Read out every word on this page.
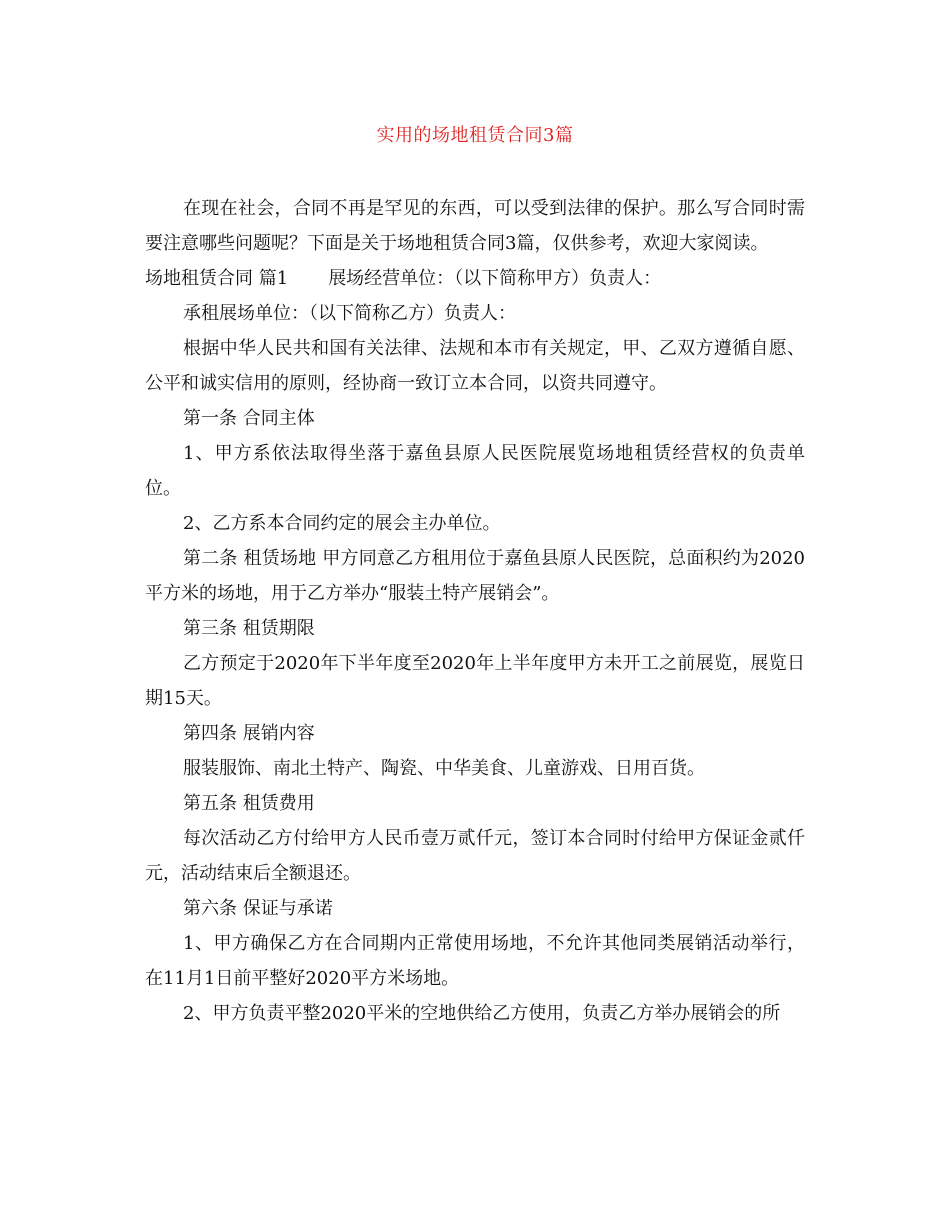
实用的场地租赁合同3篇

在现在社会，合同不再是罕见的东西，可以受到法律的保护。那么写合同时需要注意哪些问题呢？下面是关于场地租赁合同3篇，仅供参考，欢迎大家阅读。

场地租赁合同 篇1 展场经营单位：（以下简称甲方）负责人：

承租展场单位：（以下简称乙方）负责人：

根据中华人民共和国有关法律、法规和本市有关规定，甲、乙双方遵循自愿、公平和诚实信用的原则，经协商一致订立本合同，以资共同遵守。

第一条 合同主体

1、甲方系依法取得坐落于嘉鱼县原人民医院展览场地租赁经营权的负责单位。

2、乙方系本合同约定的展会主办单位。

第二条 租赁场地 甲方同意乙方租用位于嘉鱼县原人民医院，总面积约为2020平方米的场地，用于乙方举办“服装土特产展销会”。

第三条 租赁期限

乙方预定于2020年下半年度至2020年上半年度甲方未开工之前展览，展览日期15天。

第四条 展销内容

服装服饰、南北土特产、陶瓷、中华美食、儿童游戏、日用百货。

第五条 租赁费用

每次活动乙方付给甲方人民币壹万贰仟元，签订本合同时付给甲方保证金贰仟元，活动结束后全额退还。

第六条 保证与承诺

1、甲方确保乙方在合同期内正常使用场地，不允许其他同类展销活动举行，在11月1日前平整好2020平方米场地。

2、甲方负责平整2020平米的空地供给乙方使用，负责乙方举办展销会的所
